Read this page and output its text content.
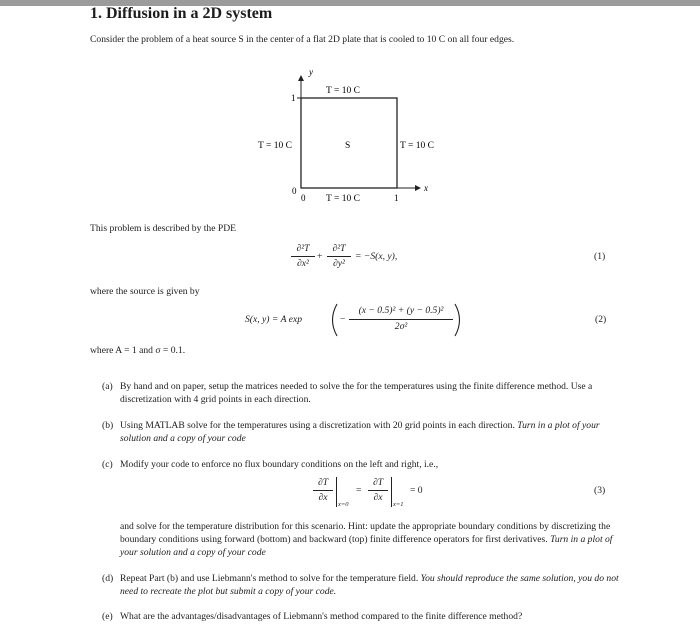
1. Diffusion in a 2D system
Consider the problem of a heat source S in the center of a flat 2D plate that is cooled to 10 C on all four edges.
y
1
T = 10 C
T = 10 C	S	T = 10 C
0
0 T = 10 C	1
x
This problem is described by the PDE
∂²T
∂x²
+
∂²T
∂y²
= −S(x, y),	(1)
where the source is given by
S(x, y) = A exp	−
(x − 0.5)² + (y − 0.5)²
2σ²
(2)
where A = 1 and σ = 0.1.
(a) By hand and on paper, setup the matrices needed to solve the for the temperatures using the finite difference method. Use a discretization with 4 grid points in each direction.
(b) Using MATLAB solve for the temperatures using a discretization with 20 grid points in each direction. Turn in a plot of your solution and a copy of your code
(c) Modify your code to enforce no flux boundary conditions on the left and right, i.e.,
∂T
∂x
x=0
=
∂T
∂x
x=1
= 0	(3)
and solve for the temperature distribution for this scenario. Hint: update the appropriate boundary conditions by discretizing the boundary conditions using forward (bottom) and backward (top) finite difference operators for first derivatives. Turn in a plot of your solution and a copy of your code
(d) Repeat Part (b) and use Liebmann's method to solve for the temperature field. You should reproduce the same solution, you do not need to recreate the plot but submit a copy of your code.
(e) What are the advantages/disadvantages of Liebmann's method compared to the finite difference method?
